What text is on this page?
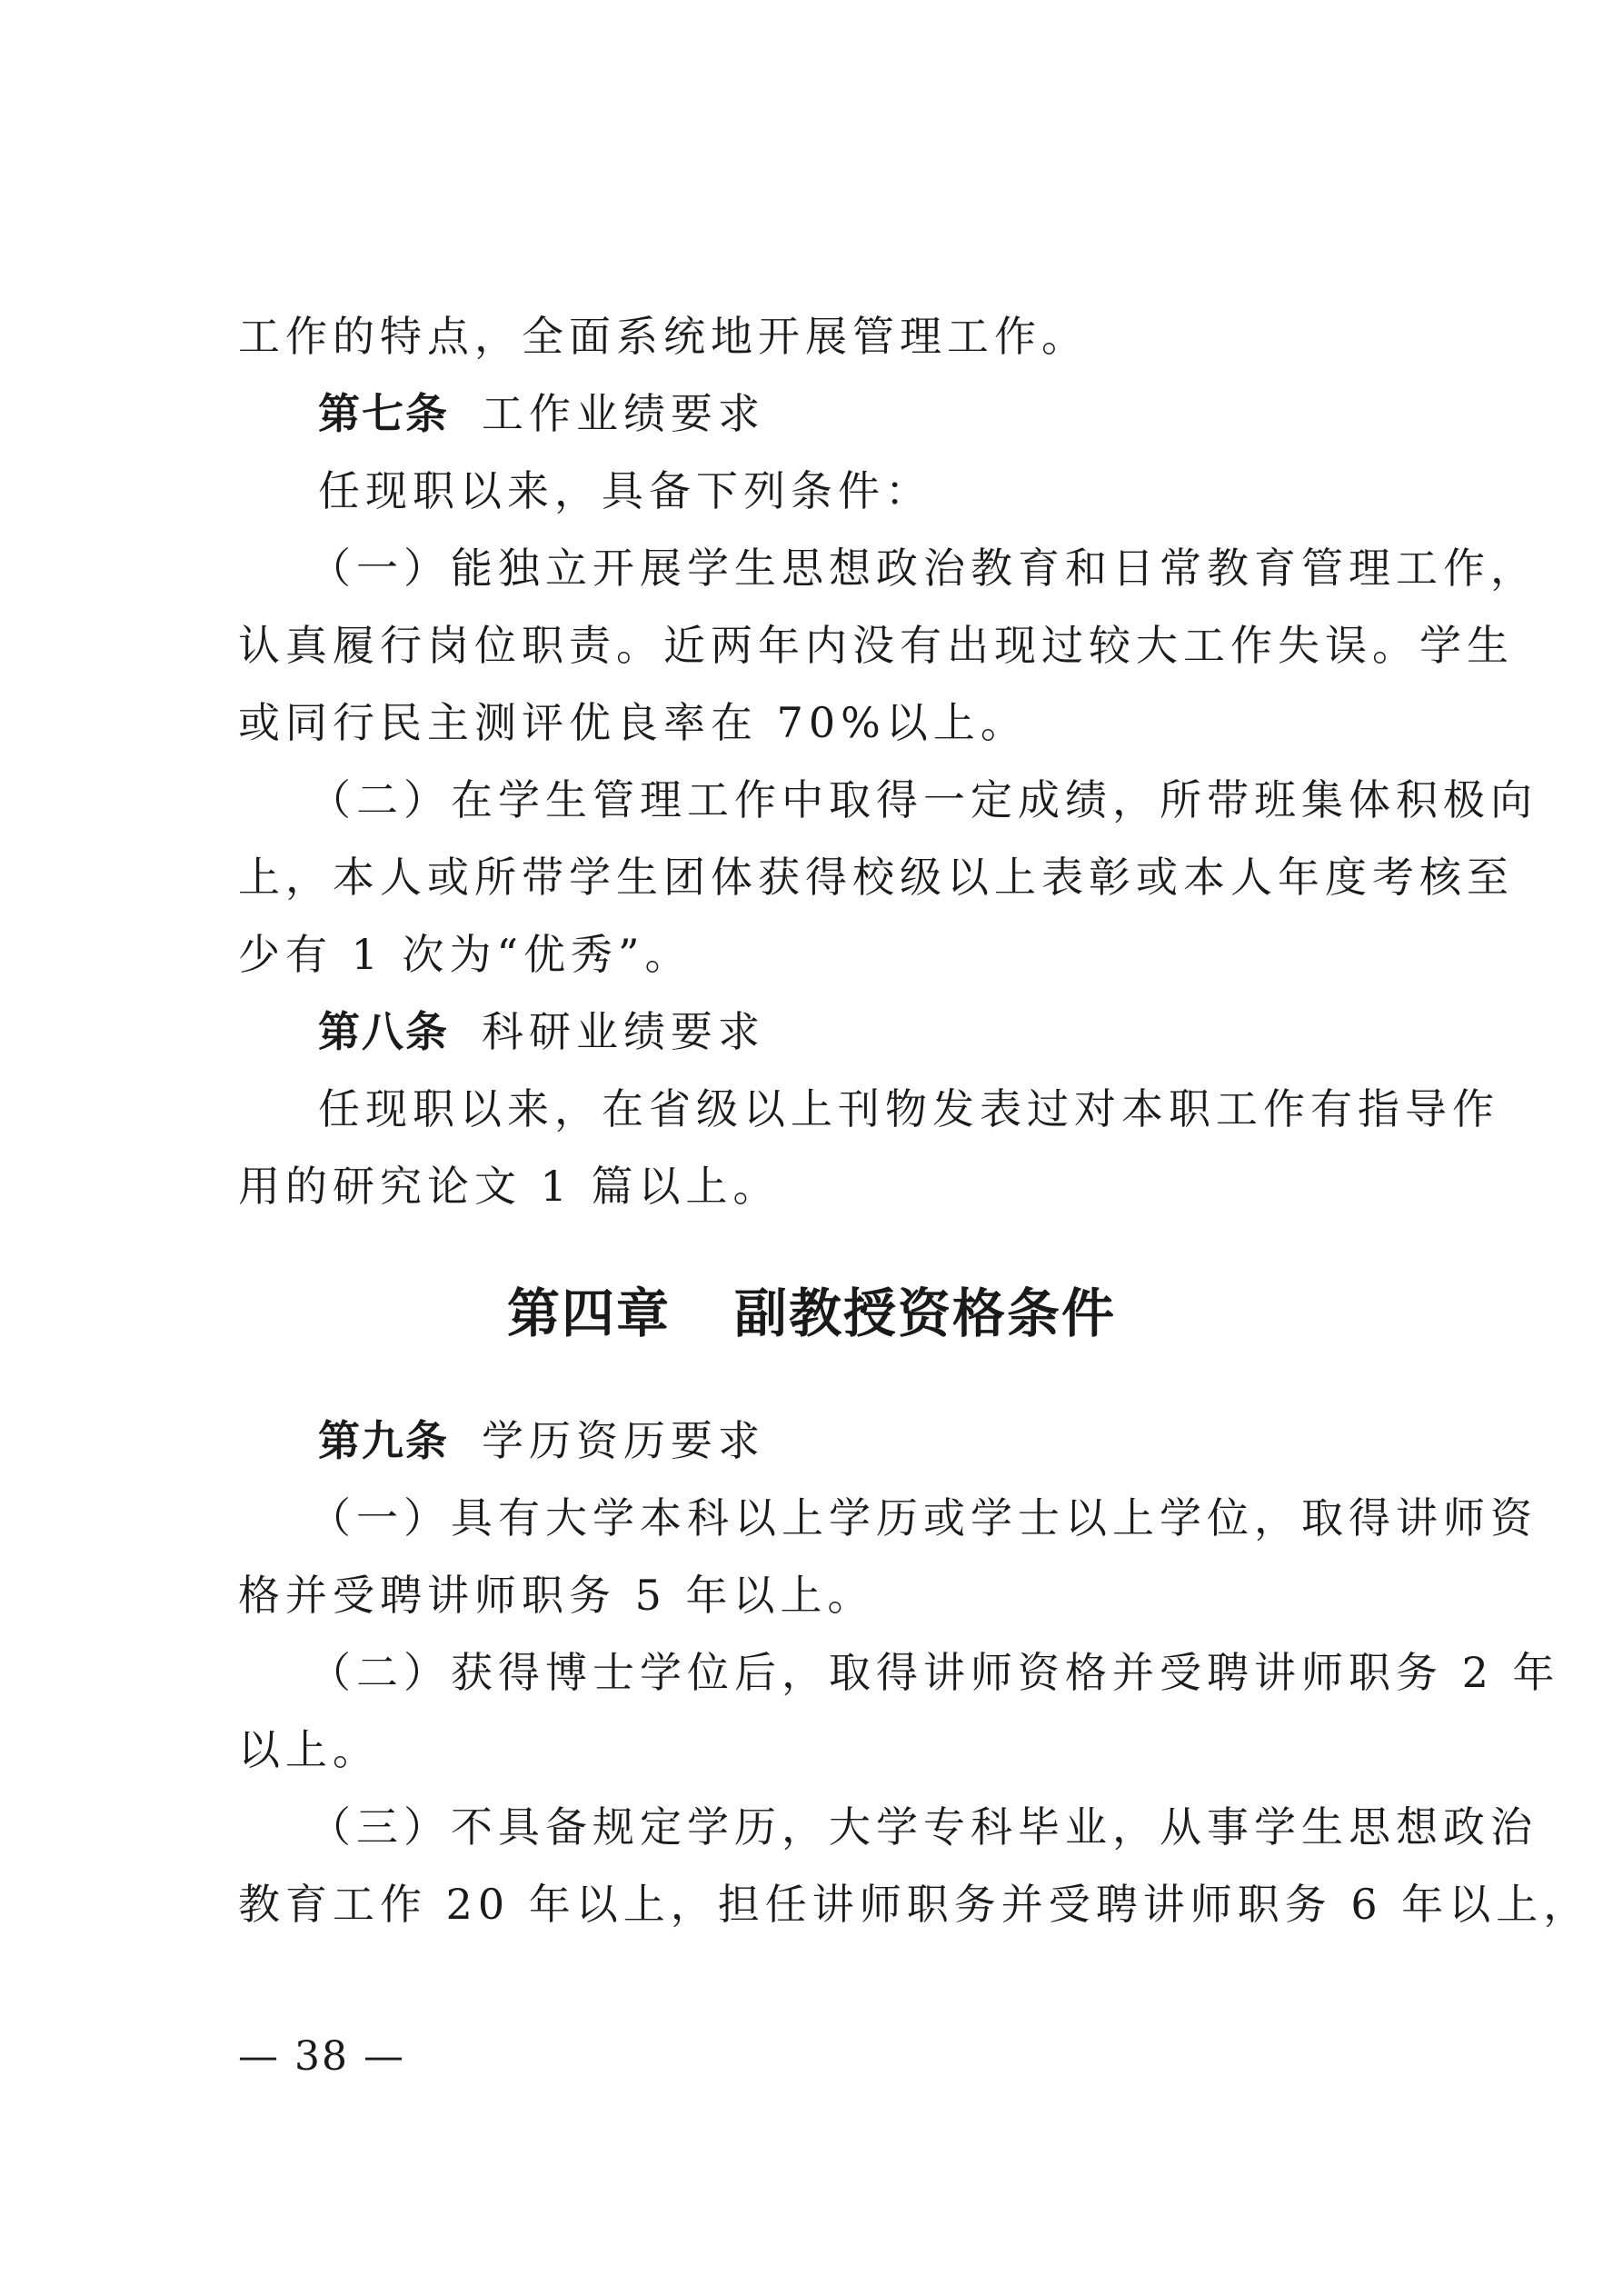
工作的特点，全面系统地开展管理工作。
第七条 工作业绩要求
任现职以来，具备下列条件：
（一）能独立开展学生思想政治教育和日常教育管理工作，
认真履行岗位职责。近两年内没有出现过较大工作失误。学生
或同行民主测评优良率在 70%以上。
（二）在学生管理工作中取得一定成绩，所带班集体积极向
上，本人或所带学生团体获得校级以上表彰或本人年度考核至
少有 1 次为“优秀”。
第八条 科研业绩要求
任现职以来，在省级以上刊物发表过对本职工作有指导作
用的研究论文 1 篇以上。
第四章 副教授资格条件
第九条 学历资历要求
（一）具有大学本科以上学历或学士以上学位，取得讲师资
格并受聘讲师职务 5 年以上。
（二）获得博士学位后，取得讲师资格并受聘讲师职务 2 年
以上。
（三）不具备规定学历，大学专科毕业，从事学生思想政治
教育工作 20 年以上，担任讲师职务并受聘讲师职务 6 年以上，
— 38 —
